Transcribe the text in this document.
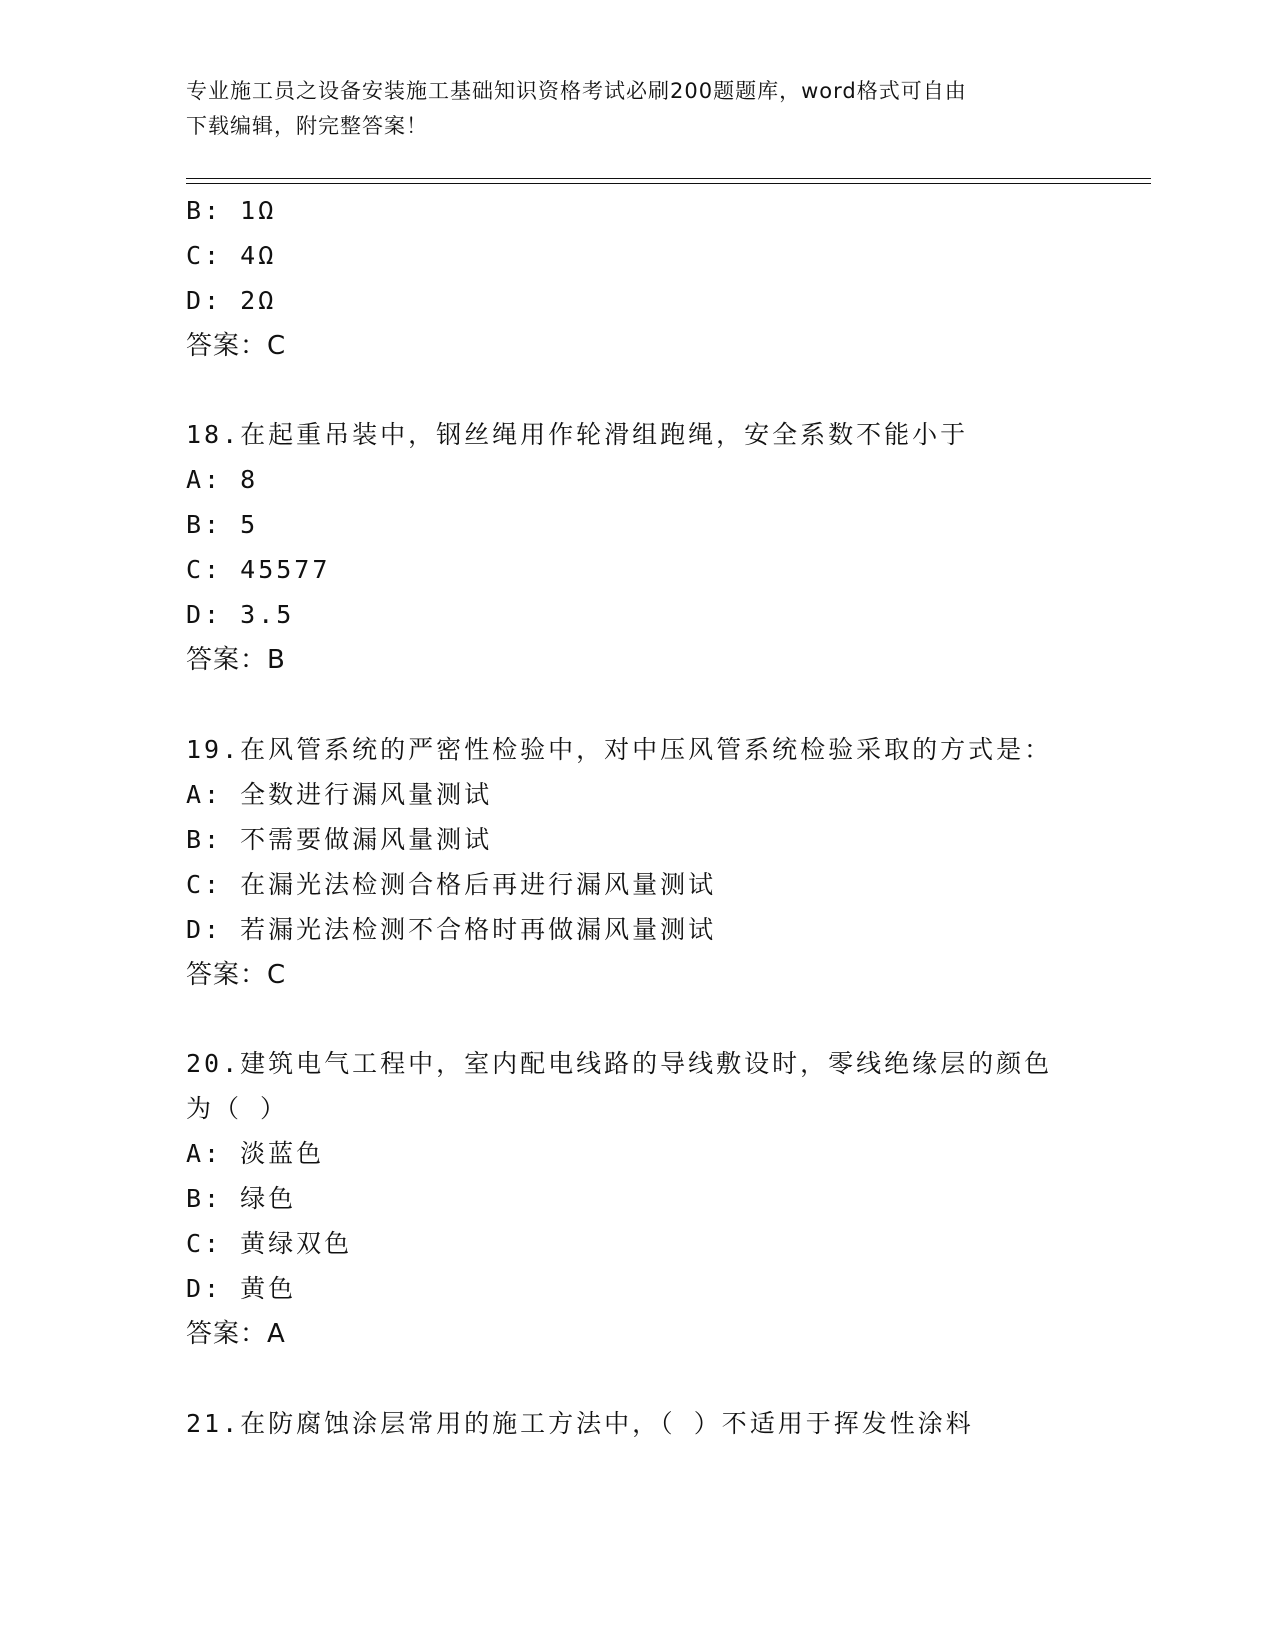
专业施工员之设备安装施工基础知识资格考试必刷200题题库，word格式可自由
下载编辑，附完整答案！
B: 1Ω
C: 4Ω
D: 2Ω
答案：C
18.在起重吊装中，钢丝绳用作轮滑组跑绳，安全系数不能小于
A: 8
B: 5
C: 45577
D: 3.5
答案：B
19.在风管系统的严密性检验中，对中压风管系统检验采取的方式是：
A: 全数进行漏风量测试
B: 不需要做漏风量测试
C: 在漏光法检测合格后再进行漏风量测试
D: 若漏光法检测不合格时再做漏风量测试
答案：C
20.建筑电气工程中，室内配电线路的导线敷设时，零线绝缘层的颜色
为（ ）
A: 淡蓝色
B: 绿色
C: 黄绿双色
D: 黄色
答案：A
21.在防腐蚀涂层常用的施工方法中，（ ）不适用于挥发性涂料
